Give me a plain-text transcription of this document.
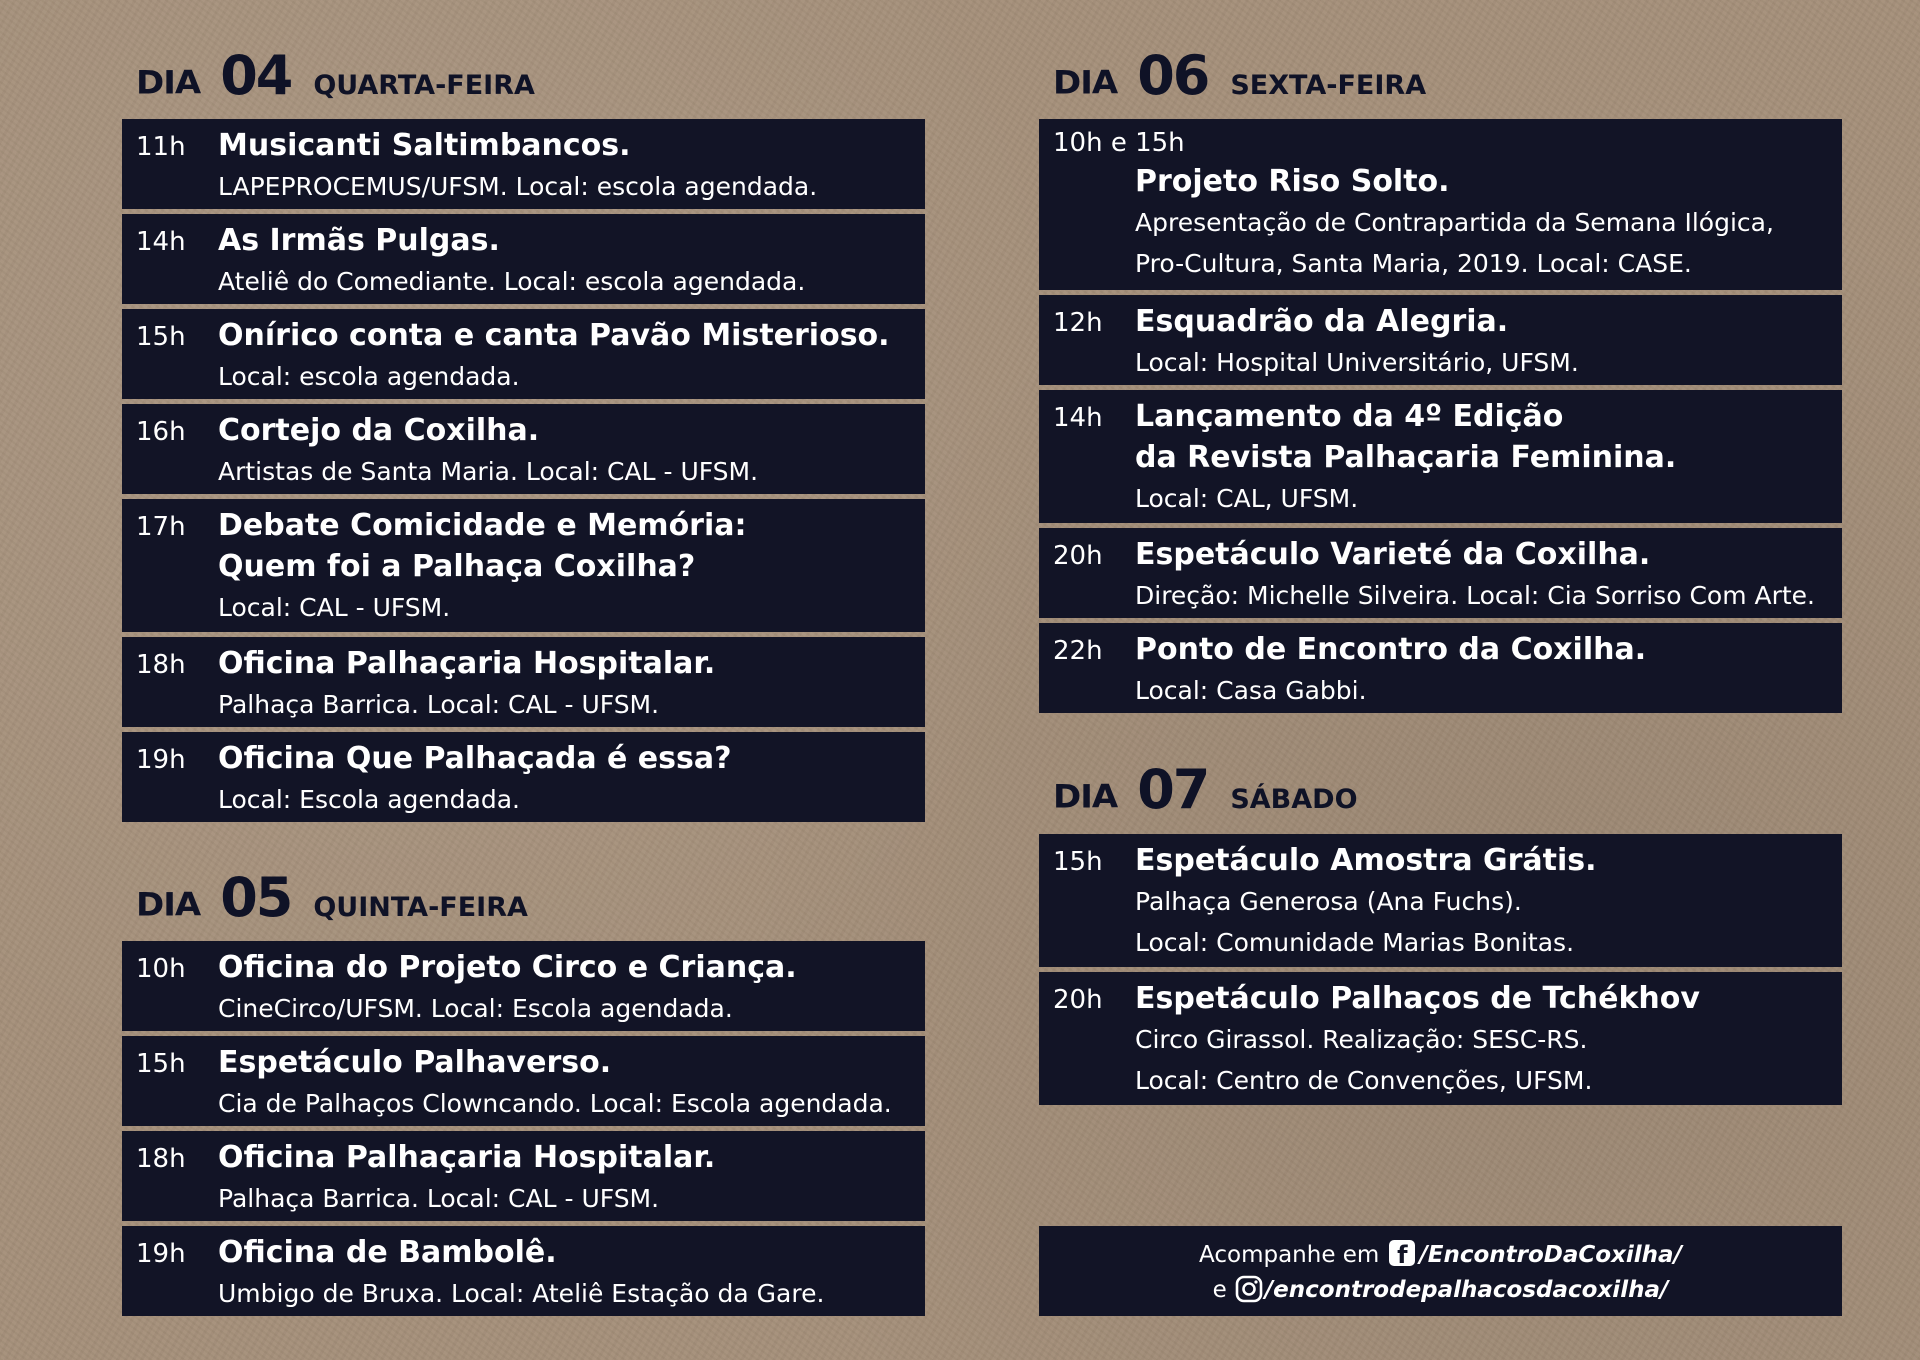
DIA 04 QUARTA-FEIRA
11h	Musicanti Saltimbancos.
LAPEPROCEMUS/UFSM. Local: escola agendada.
14h	As Irmãs Pulgas.
Ateliê do Comediante. Local: escola agendada.
15h	Onírico conta e canta Pavão Misterioso.
Local: escola agendada.
16h	Cortejo da Coxilha.
Artistas de Santa Maria. Local: CAL - UFSM.
17h	Debate Comicidade e Memória:
Quem foi a Palhaça Coxilha?
Local: CAL - UFSM.
18h	Oficina Palhaçaria Hospitalar.
Palhaça Barrica. Local: CAL - UFSM.
19h	Oficina Que Palhaçada é essa?
Local: Escola agendada.
DIA 05 QUINTA-FEIRA
10h	Oficina do Projeto Circo e Criança.
CineCirco/UFSM. Local: Escola agendada.
15h	Espetáculo Palhaverso.
Cia de Palhaços Clowncando. Local: Escola agendada.
18h	Oficina Palhaçaria Hospitalar.
Palhaça Barrica. Local: CAL - UFSM.
19h	Oficina de Bambolê.
Umbigo de Bruxa. Local: Ateliê Estação da Gare.
DIA 06 SEXTA-FEIRA
10h e 15h
Projeto Riso Solto.
Apresentação de Contrapartida da Semana Ilógica,
Pro-Cultura, Santa Maria, 2019. Local: CASE.
12h	Esquadrão da Alegria.
Local: Hospital Universitário, UFSM.
14h	Lançamento da 4º Edição
da Revista Palhaçaria Feminina.
Local: CAL, UFSM.
20h	Espetáculo Varieté da Coxilha.
Direção: Michelle Silveira. Local: Cia Sorriso Com Arte.
22h	Ponto de Encontro da Coxilha.
Local: Casa Gabbi.
DIA 07 SÁBADO
15h	Espetáculo Amostra Grátis.
Palhaça Generosa (Ana Fuchs).
Local: Comunidade Marias Bonitas.
20h	Espetáculo Palhaços de Tchékhov
Circo Girassol. Realização: SESC-RS.
Local: Centro de Convenções, UFSM.
Acompanhe em f /EncontroDaCoxilha/
e /encontrodepalhacosdacoxilha/
